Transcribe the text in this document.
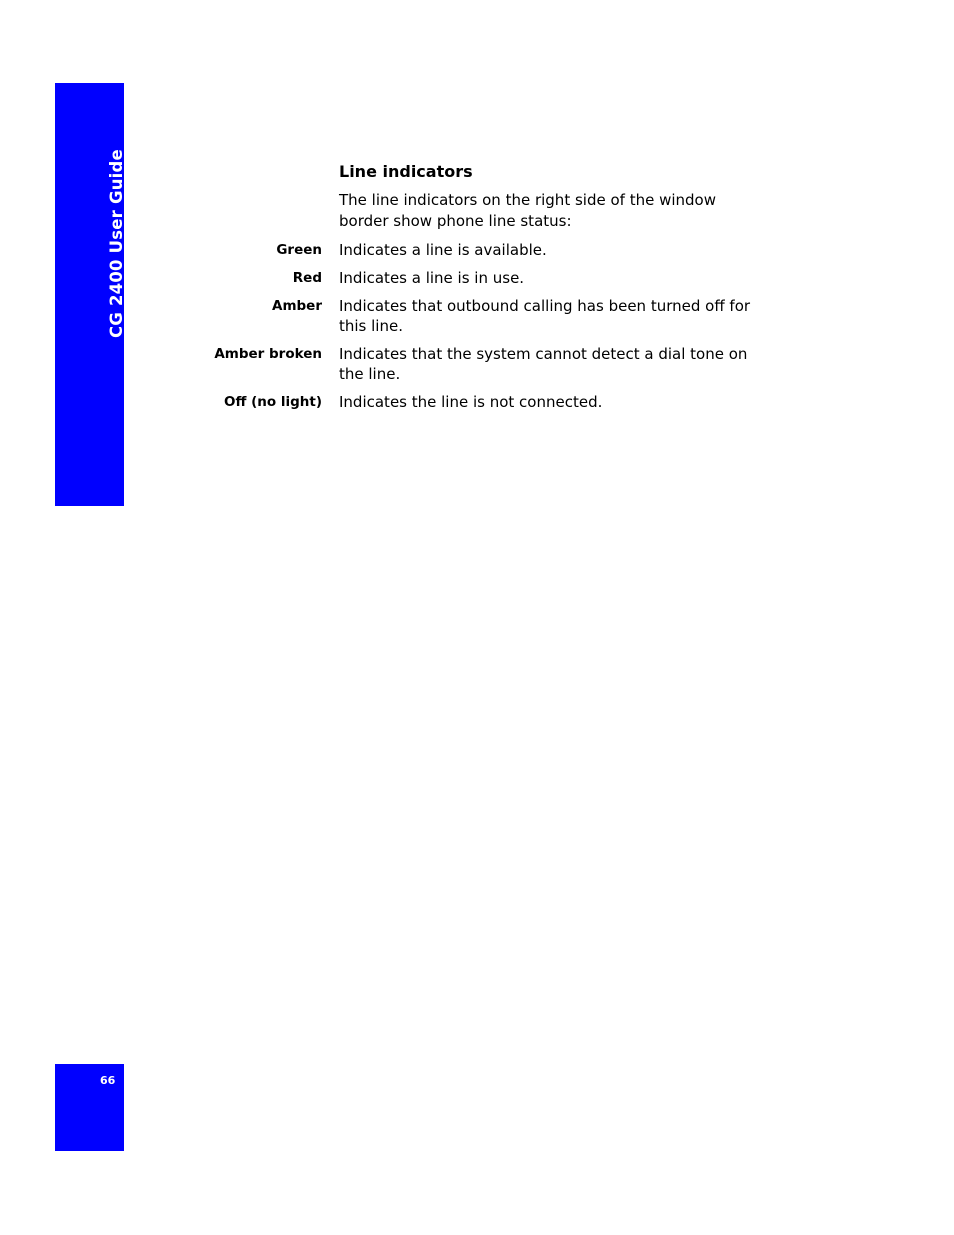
CG 2400 User Guide
66
Line indicators
The line indicators on the right side of the window border show phone line status:
Green Indicates a line is available.
Red Indicates a line is in use.
Amber Indicates that outbound calling has been turned off for this line.
Amber broken Indicates that the system cannot detect a dial tone on the line.
Off (no light) Indicates the line is not connected.
